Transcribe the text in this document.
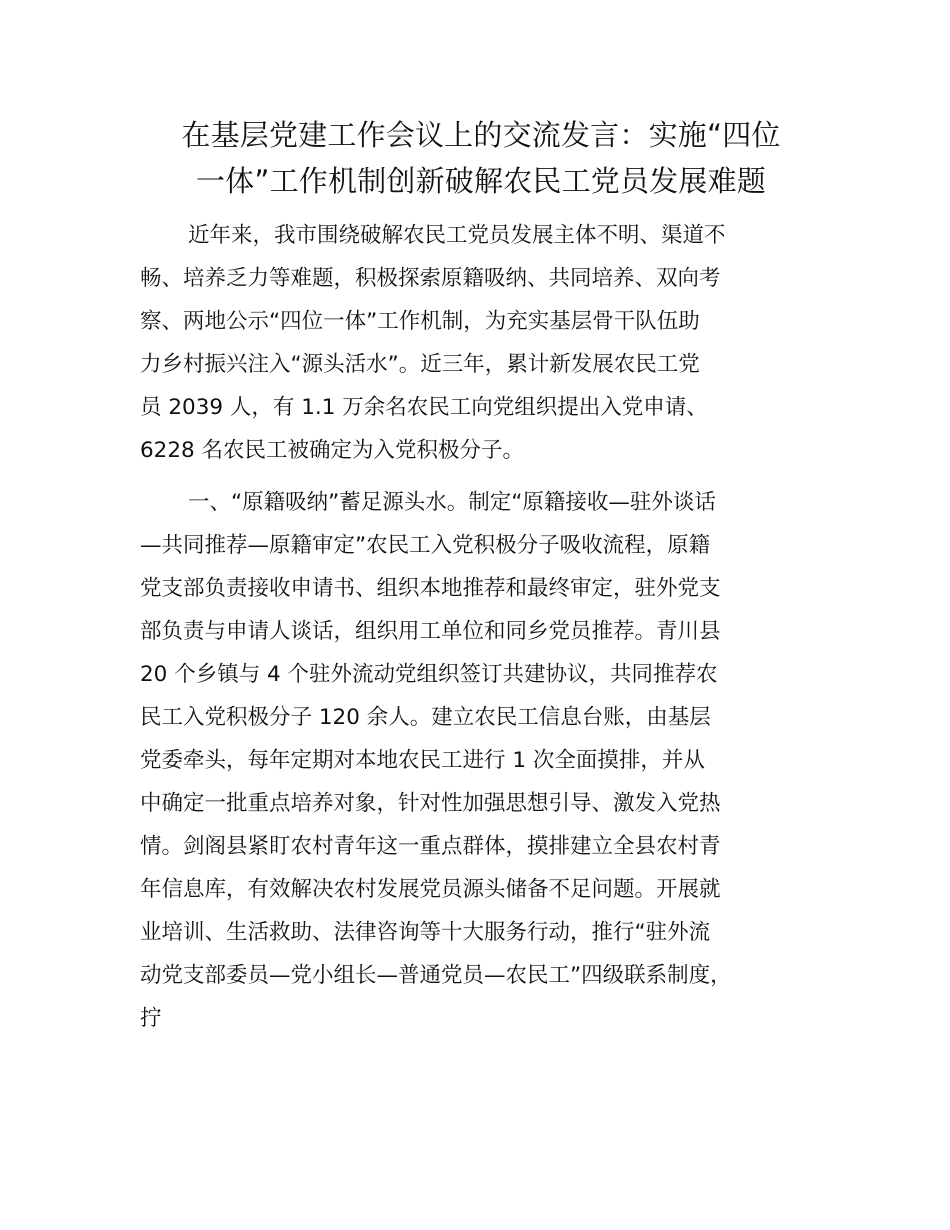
在基层党建工作会议上的交流发言：实施“四位
一体”工作机制创新破解农民工党员发展难题

近年来，我市围绕破解农民工党员发展主体不明、渠道不
畅、培养乏力等难题，积极探索原籍吸纳、共同培养、双向考
察、两地公示“四位一体”工作机制，为充实基层骨干队伍助
力乡村振兴注入“源头活水”。近三年，累计新发展农民工党
员 2039 人，有 1.1 万余名农民工向党组织提出入党申请、
6228 名农民工被确定为入党积极分子。

一、“原籍吸纳”蓄足源头水。制定“原籍接收—驻外谈话
—共同推荐—原籍审定”农民工入党积极分子吸收流程，原籍
党支部负责接收申请书、组织本地推荐和最终审定，驻外党支
部负责与申请人谈话，组织用工单位和同乡党员推荐。青川县
20 个乡镇与 4 个驻外流动党组织签订共建协议，共同推荐农
民工入党积极分子 120 余人。建立农民工信息台账，由基层
党委牵头，每年定期对本地农民工进行 1 次全面摸排，并从
中确定一批重点培养对象，针对性加强思想引导、激发入党热
情。剑阁县紧盯农村青年这一重点群体，摸排建立全县农村青
年信息库，有效解决农村发展党员源头储备不足问题。开展就
业培训、生活救助、法律咨询等十大服务行动，推行“驻外流
动党支部委员—党小组长—普通党员—农民工”四级联系制度，
拧
